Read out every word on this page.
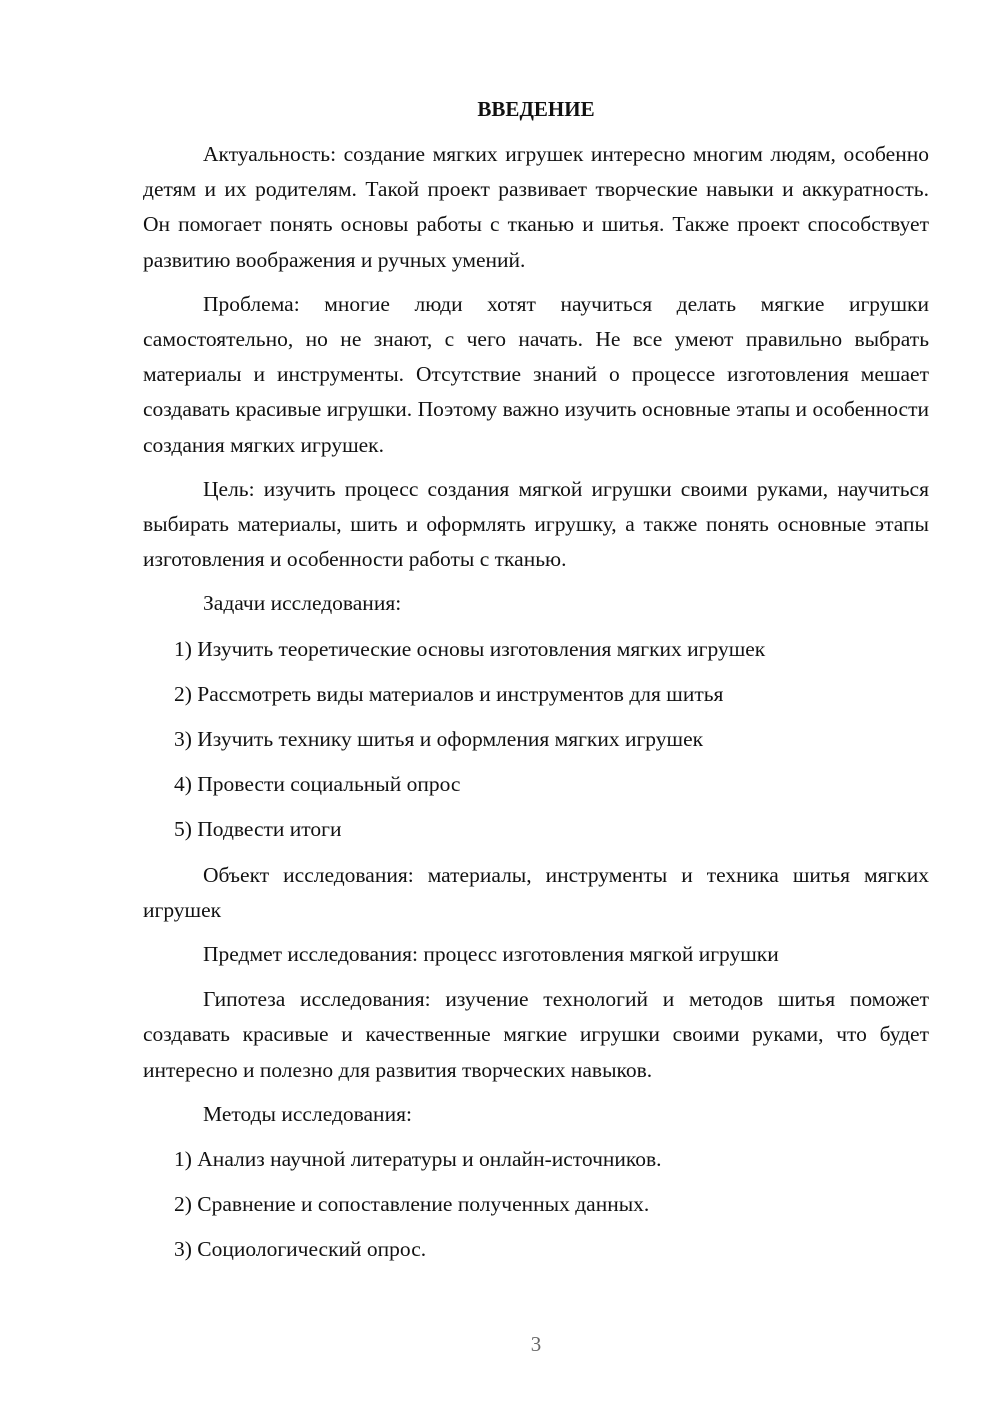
ВВЕДЕНИЕ

Актуальность: создание мягких игрушек интересно многим людям, особенно детям и их родителям. Такой проект развивает творческие навыки и аккуратность. Он помогает понять основы работы с тканью и шитья. Также проект способствует развитию воображения и ручных умений.

Проблема: многие люди хотят научиться делать мягкие игрушки самостоятельно, но не знают, с чего начать. Не все умеют правильно выбрать материалы и инструменты. Отсутствие знаний о процессе изготовления мешает создавать красивые игрушки. Поэтому важно изучить основные этапы и особенности создания мягких игрушек.

Цель: изучить процесс создания мягкой игрушки своими руками, научиться выбирать материалы, шить и оформлять игрушку, а также понять основные этапы изготовления и особенности работы с тканью.

Задачи исследования:

1) Изучить теоретические основы изготовления мягких игрушек
2) Рассмотреть виды материалов и инструментов для шитья
3) Изучить технику шитья и оформления мягких игрушек
4) Провести социальный опрос
5) Подвести итоги

Объект исследования: материалы, инструменты и техника шитья мягких игрушек

Предмет исследования: процесс изготовления мягкой игрушки

Гипотеза исследования: изучение технологий и методов шитья поможет создавать красивые и качественные мягкие игрушки своими руками, что будет интересно и полезно для развития творческих навыков.

Методы исследования:

1) Анализ научной литературы и онлайн-источников.
2) Сравнение и сопоставление полученных данных.
3) Социологический опрос.
3
